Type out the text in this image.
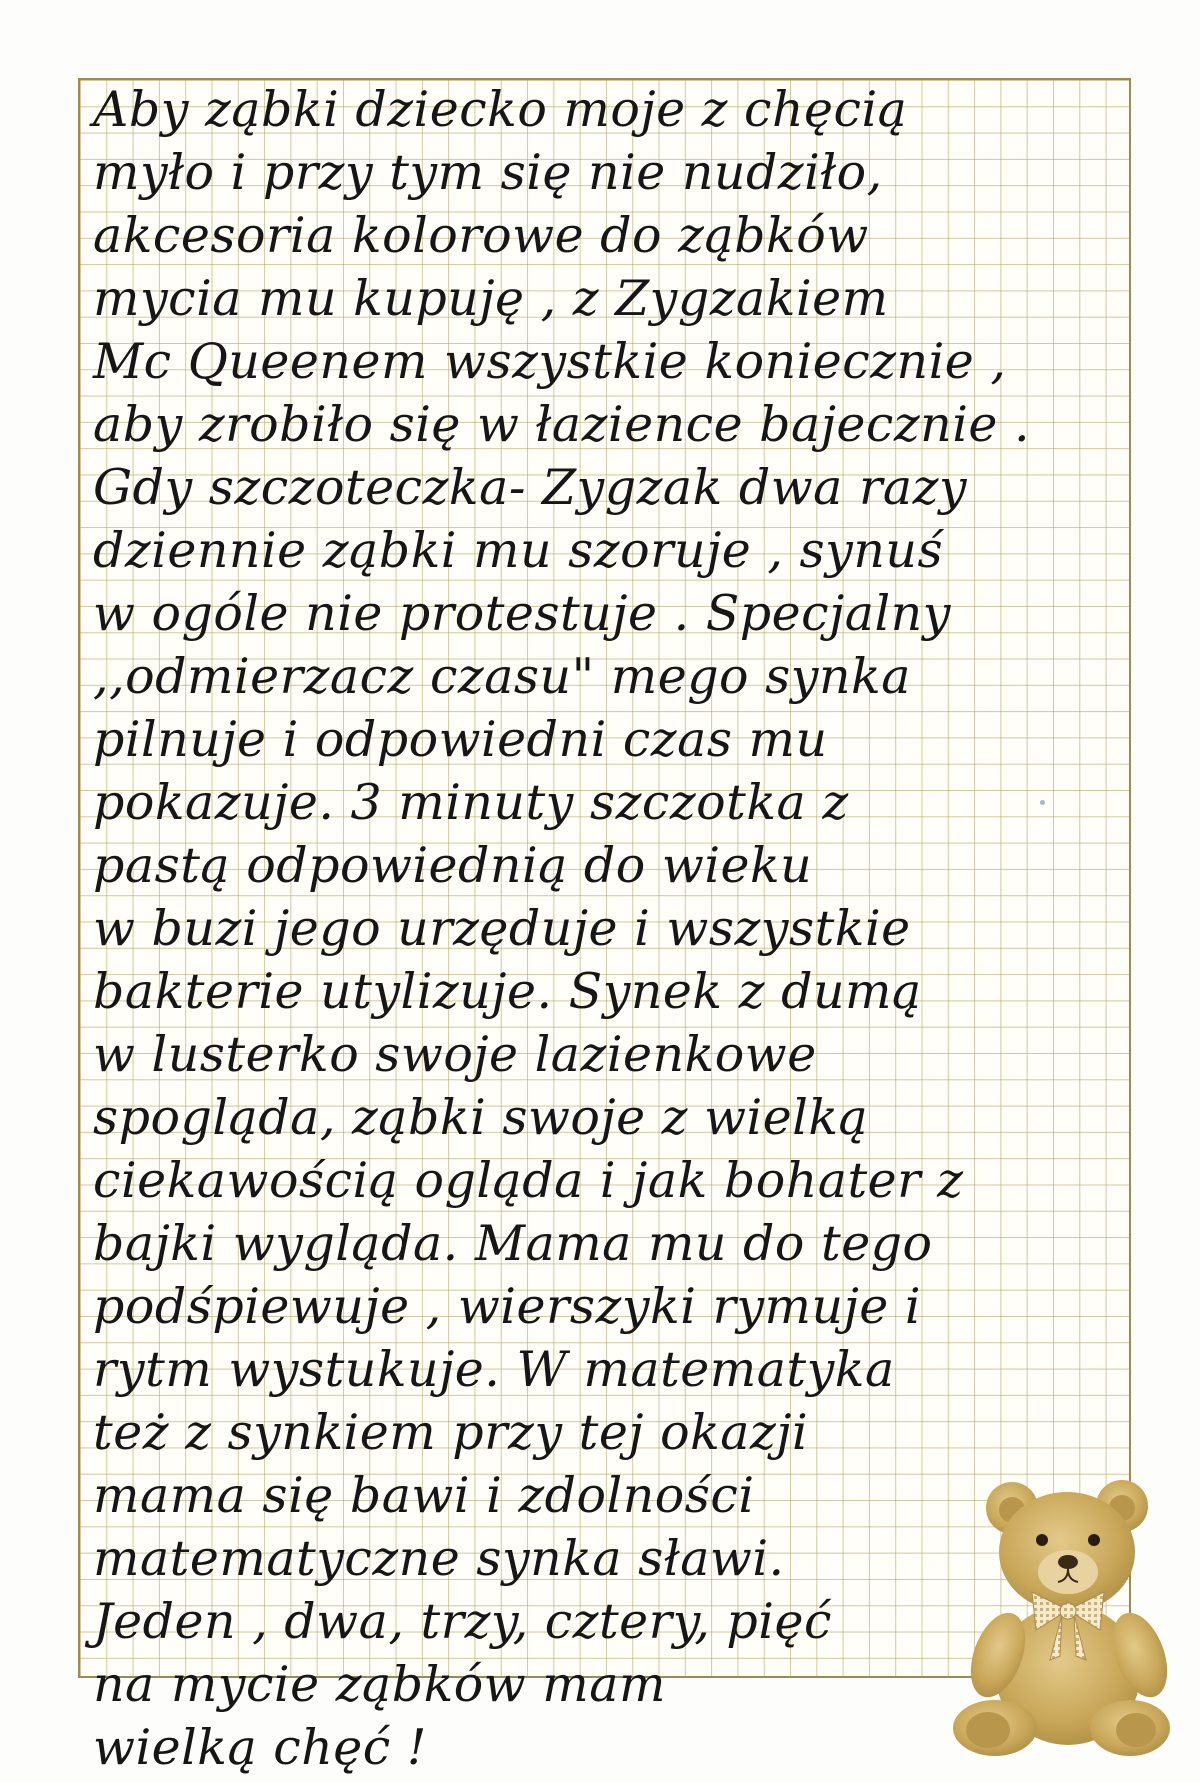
Aby ząbki dziecko moje z chęcią
myło i przy tym się nie nudziło,
akcesoria kolorowe do ząbków
mycia mu kupuję , z Zygzakiem
Mc Queenem wszystkie koniecznie ,
aby zrobiło się w łazience bajecznie .
Gdy szczoteczka- Zygzak dwa razy
dziennie ząbki mu szoruje , synuś
w ogóle nie protestuje . Specjalny
,,odmierzacz czasu" mego synka
pilnuje i odpowiedni czas mu
pokazuje. 3 minuty szczotka z
pastą odpowiednią do wieku
w buzi jego urzęduje i wszystkie
bakterie utylizuje. Synek z dumą
w lusterko swoje lazienkowe
spogląda, ząbki swoje z wielką
ciekawością ogląda i jak bohater z
bajki wygląda. Mama mu do tego
podśpiewuje , wierszyki rymuje i
rytm wystukuje. W matematyka
też z synkiem przy tej okazji
mama się bawi i zdolności
matematyczne synka sławi.
Jeden , dwa, trzy, cztery, pięć
na mycie ząbków mam
wielką chęć !
